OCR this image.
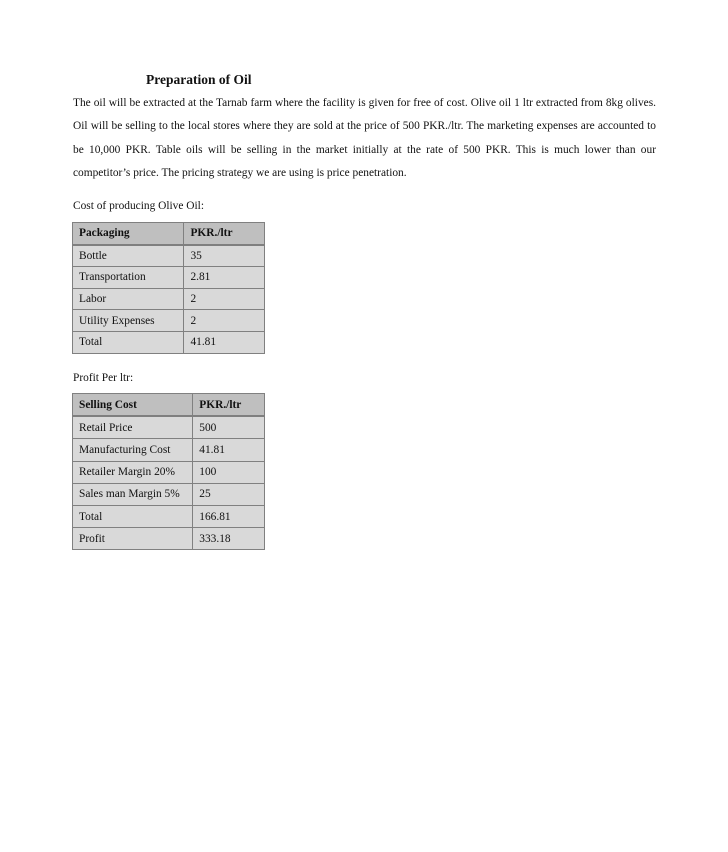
Preparation of Oil

The oil will be extracted at the Tarnab farm where the facility is given for free of cost. Olive oil 1 ltr extracted from 8kg olives. Oil will be selling to the local stores where they are sold at the price of 500 PKR./ltr. The marketing expenses are accounted to be 10,000 PKR. Table oils will be selling in the market initially at the rate of 500 PKR. This is much lower than our competitor’s price. The pricing strategy we are using is price penetration.

Cost of producing Olive Oil:

Packaging	PKR./ltr
Bottle	35
Transportation	2.81
Labor	2
Utility Expenses	2
Total	41.81

Profit Per ltr:

Selling Cost	PKR./ltr
Retail Price	500
Manufacturing Cost	41.81
Retailer Margin 20%	100
Sales man Margin 5%	25
Total	166.81
Profit	333.18
